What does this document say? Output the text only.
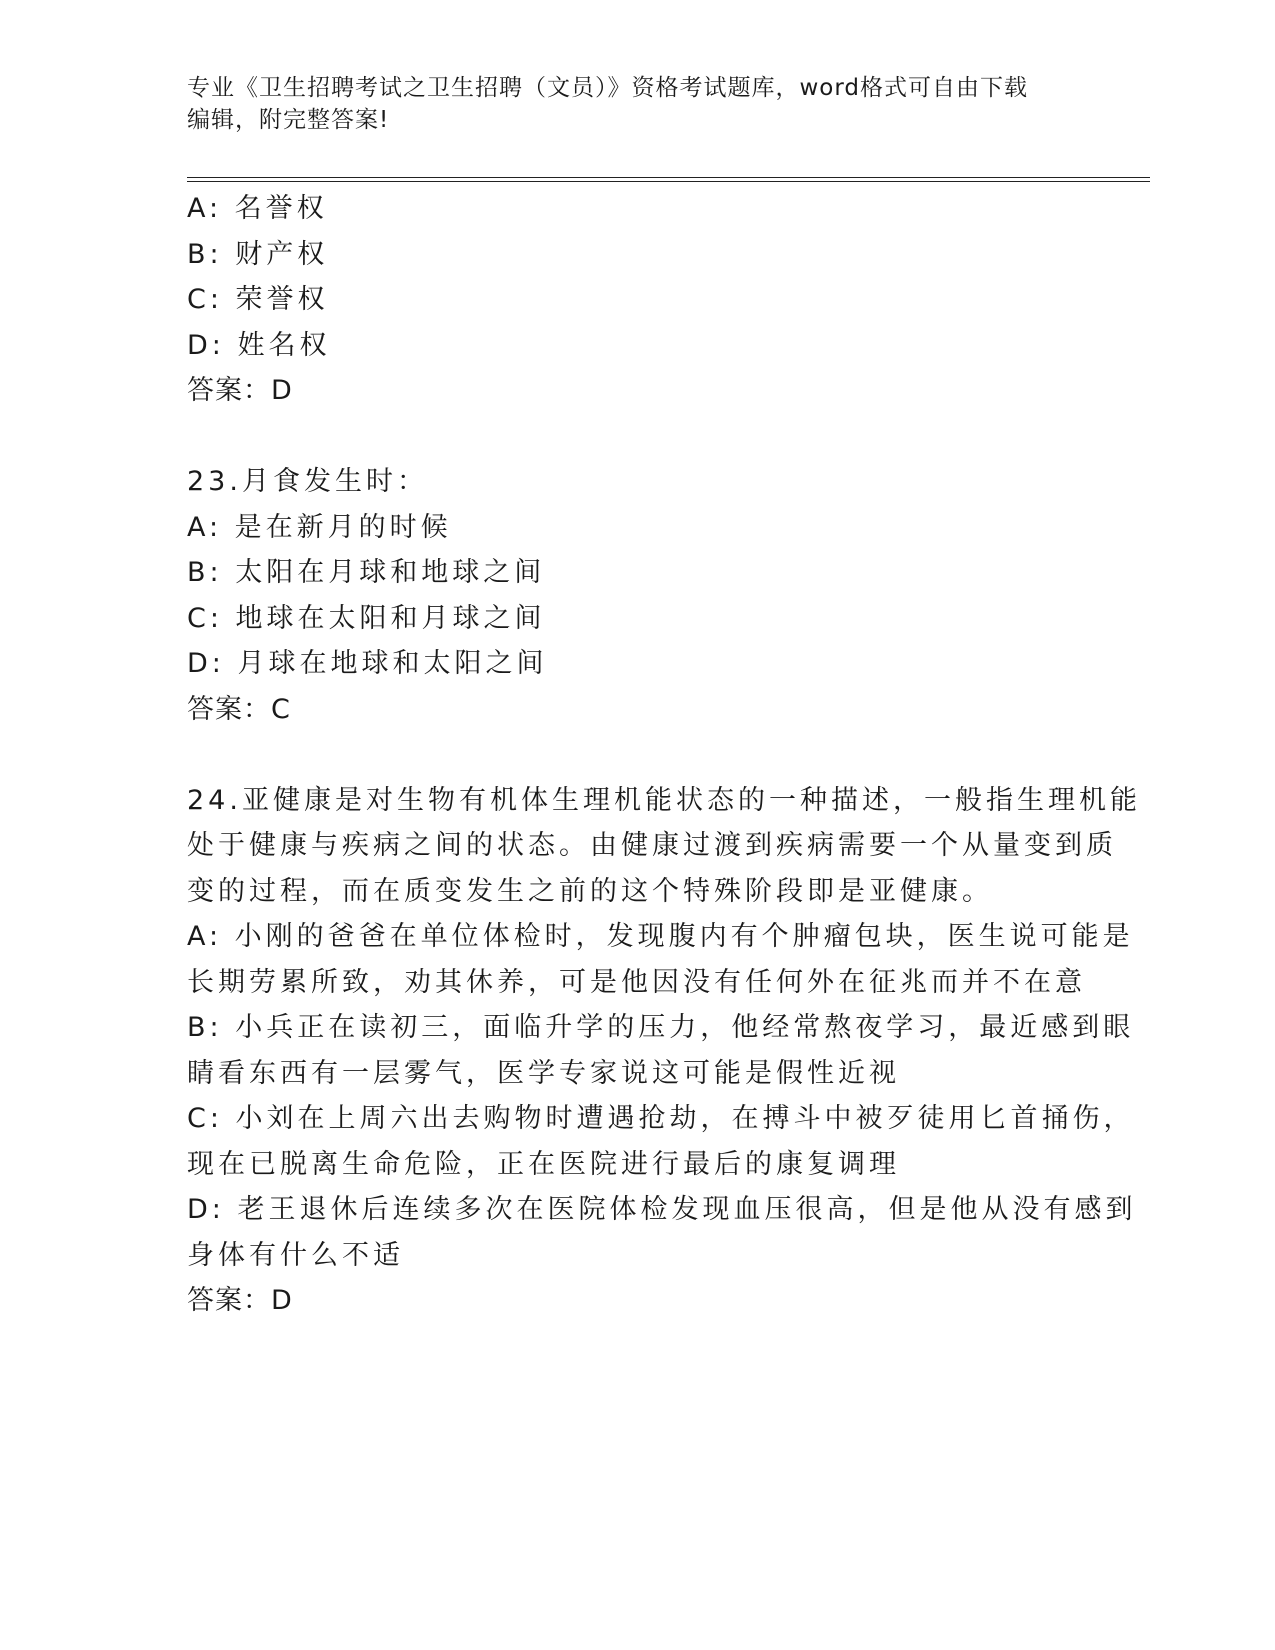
专业《卫生招聘考试之卫生招聘（文员）》资格考试题库，word格式可自由下载

编辑，附完整答案!

A: 名誉权
B: 财产权
C: 荣誉权
D: 姓名权
答案：D
23.月食发生时：
A: 是在新月的时候
B: 太阳在月球和地球之间
C: 地球在太阳和月球之间
D: 月球在地球和太阳之间
答案：C
24.亚健康是对生物有机体生理机能状态的一种描述，一般指生理机能
处于健康与疾病之间的状态。由健康过渡到疾病需要一个从量变到质
变的过程，而在质变发生之前的这个特殊阶段即是亚健康。
A: 小刚的爸爸在单位体检时，发现腹内有个肿瘤包块，医生说可能是
长期劳累所致，劝其休养，可是他因没有任何外在征兆而并不在意
B: 小兵正在读初三，面临升学的压力，他经常熬夜学习，最近感到眼
睛看东西有一层雾气，医学专家说这可能是假性近视
C: 小刘在上周六出去购物时遭遇抢劫，在搏斗中被歹徒用匕首捅伤，
现在已脱离生命危险，正在医院进行最后的康复调理
D: 老王退休后连续多次在医院体检发现血压很高，但是他从没有感到
身体有什么不适
答案：D
